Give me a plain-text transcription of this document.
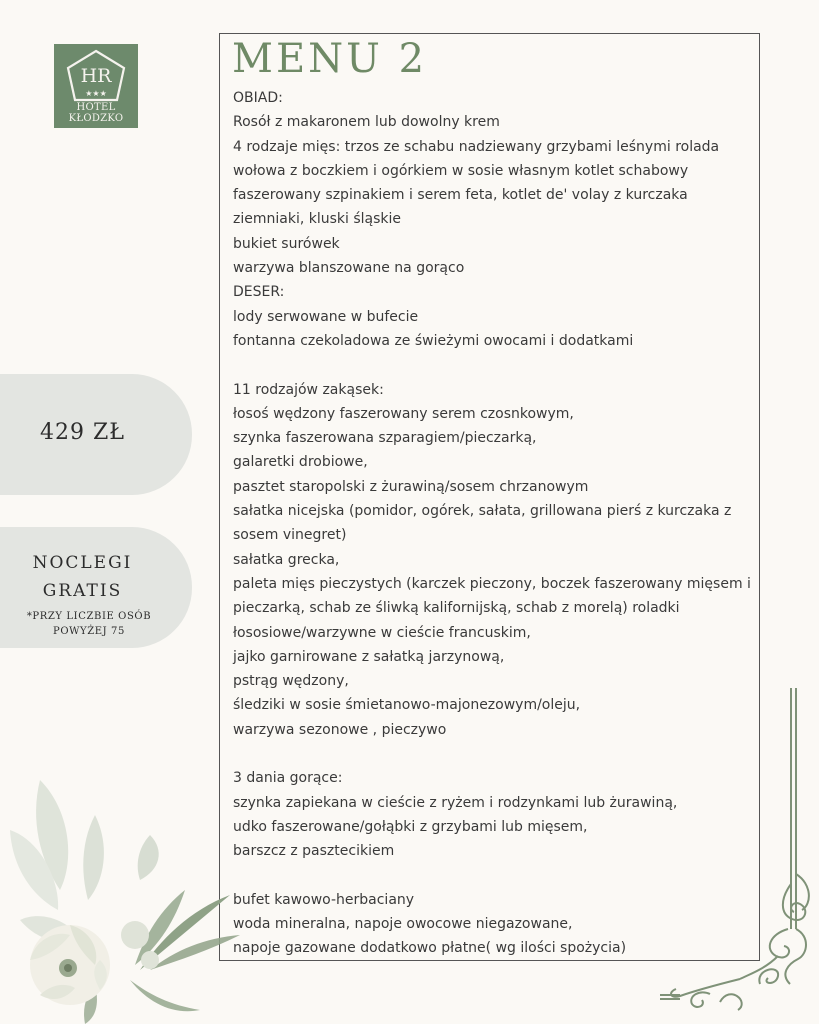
HR
★★★
HOTEL
KŁODZKO
429 ZŁ
NOCLEGI
GRATIS
*PRZY LICZBIE OSÓB
POWYŻEJ 75
MENU 2
OBIAD:
Rosół z makaronem lub dowolny krem
4 rodzaje mięs: trzos ze schabu nadziewany grzybami leśnymi rolada
wołowa z boczkiem i ogórkiem w sosie własnym kotlet schabowy
faszerowany szpinakiem i serem feta, kotlet de' volay z kurczaka
ziemniaki, kluski śląskie
bukiet surówek
warzywa blanszowane na gorąco
DESER:
lody serwowane w bufecie
fontanna czekoladowa ze świeżymi owocami i dodatkami
11 rodzajów zakąsek:
łosoś wędzony faszerowany serem czosnkowym,
szynka faszerowana szparagiem/pieczarką,
galaretki drobiowe,
pasztet staropolski z żurawiną/sosem chrzanowym
sałatka nicejska (pomidor, ogórek, sałata, grillowana pierś z kurczaka z
sosem vinegret)
sałatka grecka,
paleta mięs pieczystych (karczek pieczony, boczek faszerowany mięsem i
pieczarką, schab ze śliwką kalifornijską, schab z morelą) roladki
łososiowe/warzywne w cieście francuskim,
jajko garnirowane z sałatką jarzynową,
pstrąg wędzony,
śledziki w sosie śmietanowo-majonezowym/oleju,
warzywa sezonowe , pieczywo
3 dania gorące:
szynka zapiekana w cieście z ryżem i rodzynkami lub żurawiną,
udko faszerowane/gołąbki z grzybami lub mięsem,
barszcz z pasztecikiem
bufet kawowo-herbaciany
woda mineralna, napoje owocowe niegazowane,
napoje gazowane dodatkowo płatne( wg ilości spożycia)
